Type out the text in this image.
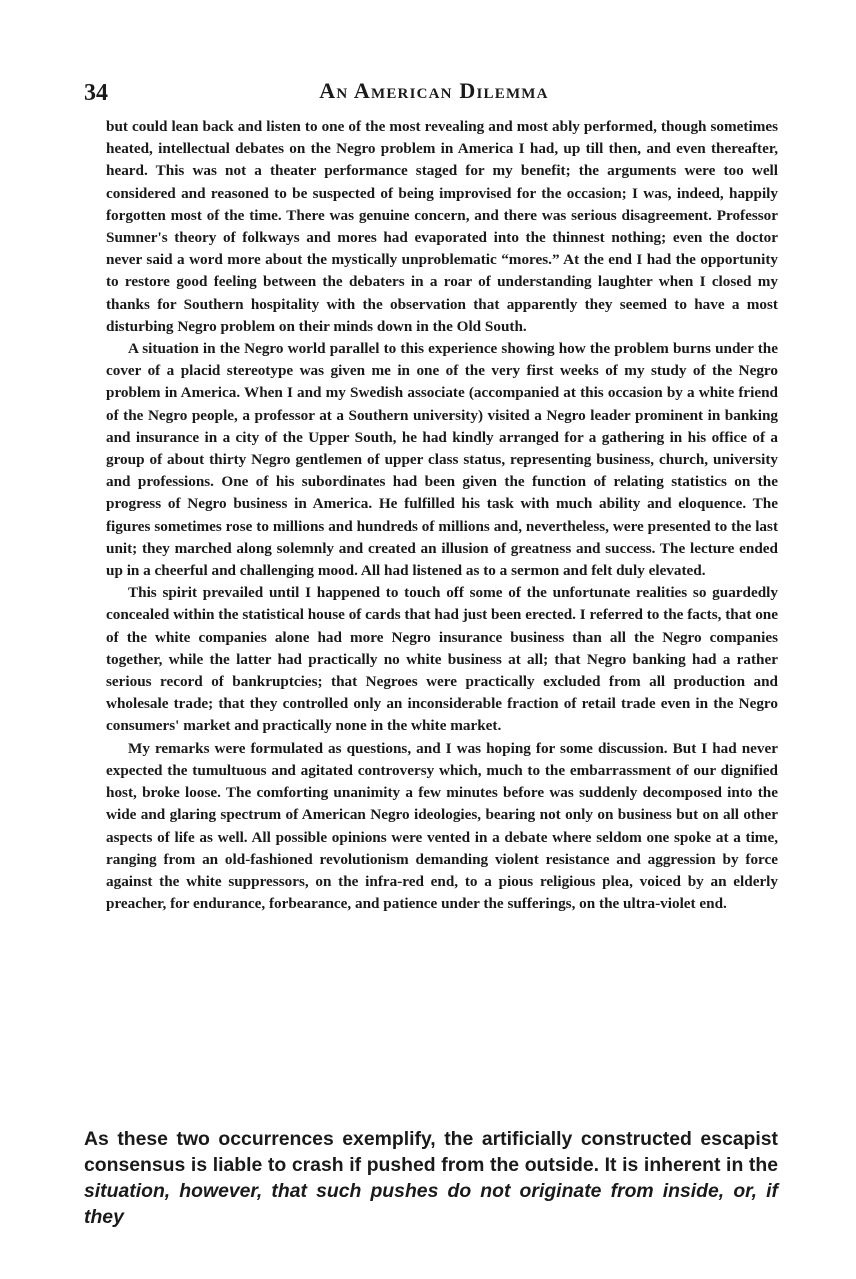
34	An American Dilemma

but could lean back and listen to one of the most revealing and most ably performed, though sometimes heated, intellectual debates on the Negro problem in America I had, up till then, and even thereafter, heard. This was not a theater performance staged for my benefit; the arguments were too well considered and reasoned to be suspected of being improvised for the occasion; I was, indeed, happily forgotten most of the time. There was genuine concern, and there was serious disagreement. Professor Sumner's theory of folkways and mores had evaporated into the thinnest nothing; even the doctor never said a word more about the mystically unproblematic “mores.” At the end I had the opportunity to restore good feeling between the debaters in a roar of understanding laughter when I closed my thanks for Southern hospitality with the observation that apparently they seemed to have a most disturbing Negro problem on their minds down in the Old South.

A situation in the Negro world parallel to this experience showing how the problem burns under the cover of a placid stereotype was given me in one of the very first weeks of my study of the Negro problem in America. When I and my Swedish associate (accompanied at this occasion by a white friend of the Negro people, a professor at a Southern university) visited a Negro leader prominent in banking and insurance in a city of the Upper South, he had kindly arranged for a gathering in his office of a group of about thirty Negro gentlemen of upper class status, representing business, church, university and professions. One of his subordinates had been given the function of relating statistics on the progress of Negro business in America. He fulfilled his task with much ability and eloquence. The figures sometimes rose to millions and hundreds of millions and, nevertheless, were presented to the last unit; they marched along solemnly and created an illusion of greatness and success. The lecture ended up in a cheerful and challenging mood. All had listened as to a sermon and felt duly elevated.

This spirit prevailed until I happened to touch off some of the unfortunate realities so guardedly concealed within the statistical house of cards that had just been erected. I referred to the facts, that one of the white companies alone had more Negro insurance business than all the Negro companies together, while the latter had practically no white business at all; that Negro banking had a rather serious record of bankruptcies; that Negroes were practically excluded from all production and wholesale trade; that they controlled only an inconsiderable fraction of retail trade even in the Negro consumers' market and practically none in the white market.

My remarks were formulated as questions, and I was hoping for some discussion. But I had never expected the tumultuous and agitated controversy which, much to the embarrassment of our dignified host, broke loose. The comforting unanimity a few minutes before was suddenly decomposed into the wide and glaring spectrum of American Negro ideologies, bearing not only on business but on all other aspects of life as well. All possible opinions were vented in a debate where seldom one spoke at a time, ranging from an old-fashioned revolutionism demanding violent resistance and aggression by force against the white suppressors, on the infra-red end, to a pious religious plea, voiced by an elderly preacher, for endurance, forbearance, and patience under the sufferings, on the ultra-violet end.

As these two occurrences exemplify, the artificially constructed escapist consensus is liable to crash if pushed from the outside. It is inherent in the situation, however, that such pushes do not originate from inside, or, if they
